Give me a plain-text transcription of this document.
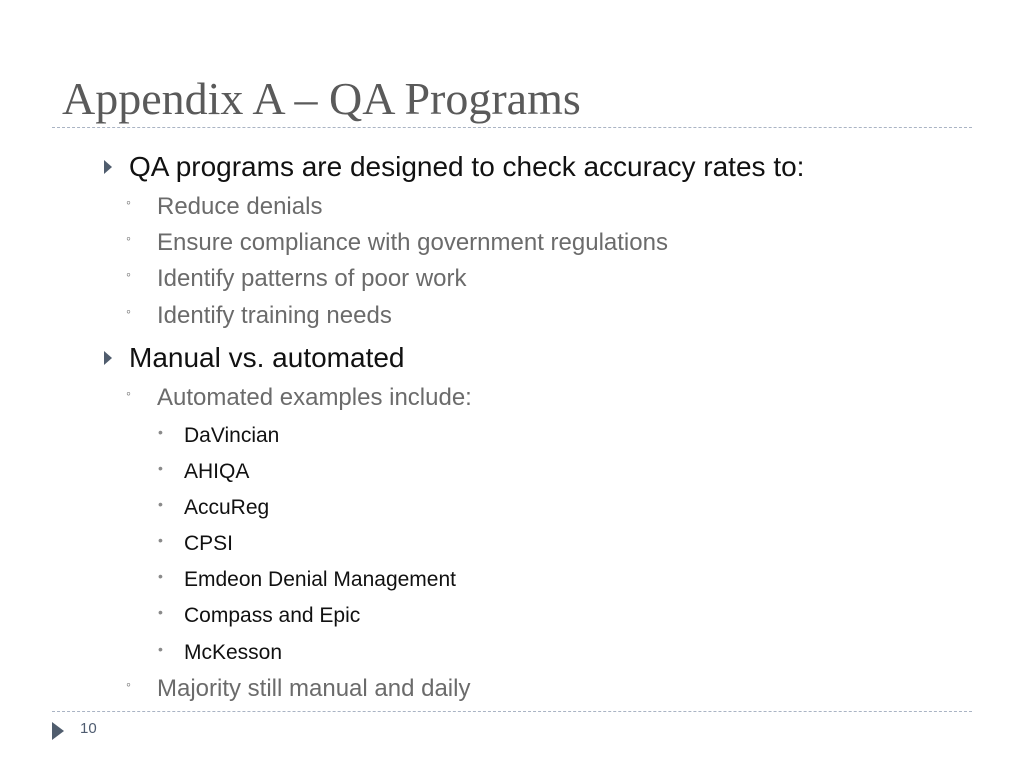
Appendix A – QA Programs
QA programs are designed to check accuracy rates to:
◦ Reduce denials
◦ Ensure compliance with government regulations
◦ Identify patterns of poor work
◦ Identify training needs
Manual vs. automated
◦ Automated examples include:
• DaVincian
• AHIQA
• AccuReg
• CPSI
• Emdeon Denial Management
• Compass and Epic
• McKesson
◦ Majority still manual and daily
10
